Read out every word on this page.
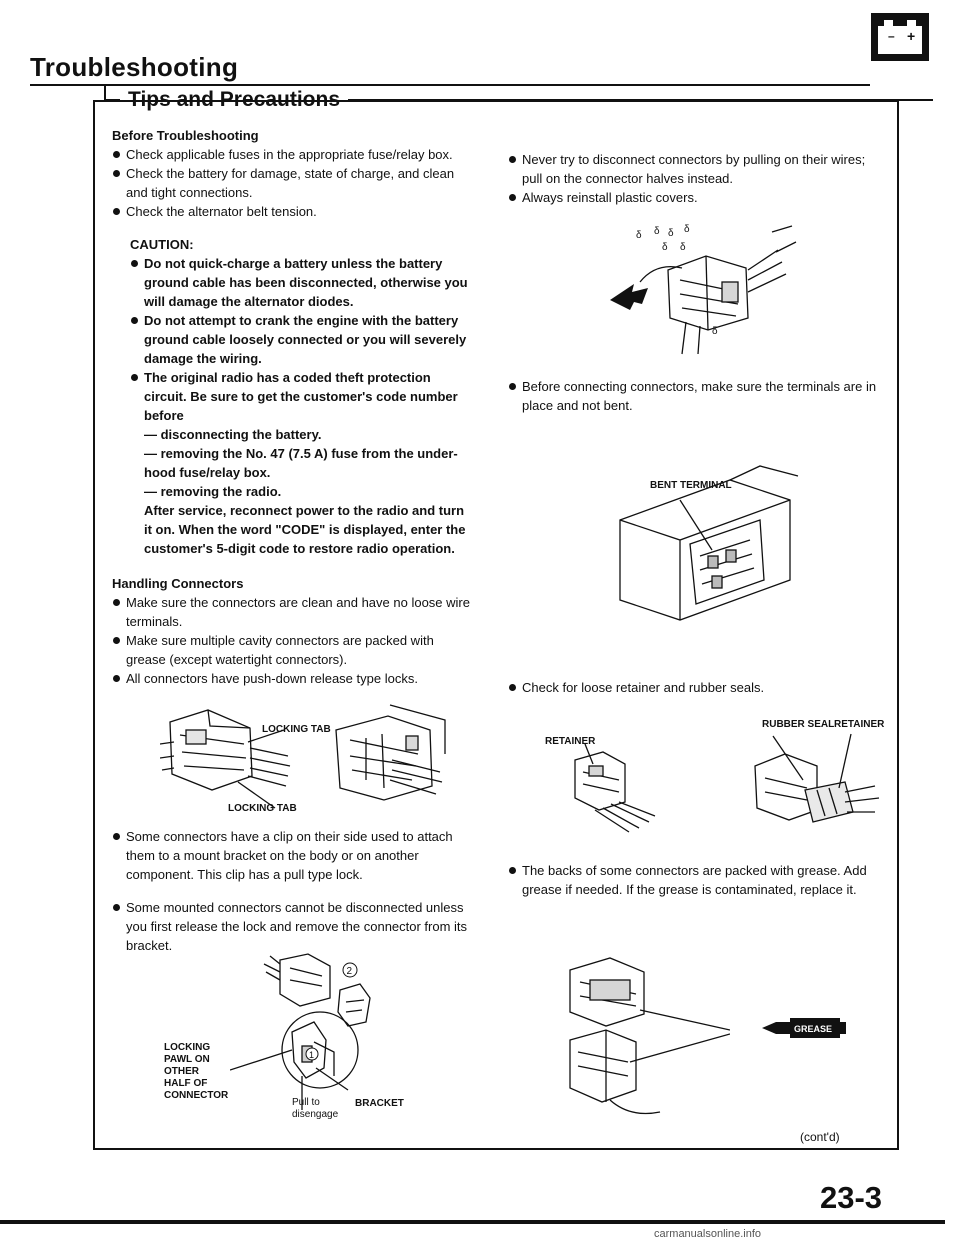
Troubleshooting
Tips and Precautions
– +

Before Troubleshooting

Check applicable fuses in the appropriate fuse/relay box.

Check the battery for damage, state of charge, and clean and tight connections.

Check the alternator belt tension.

CAUTION:

Do not quick-charge a battery unless the battery ground cable has been disconnected, otherwise you will damage the alternator diodes.

Do not attempt to crank the engine with the battery ground cable loosely connected or you will severely damage the wiring.

The original radio has a coded theft protection circuit. Be sure to get the customer's code number before

— disconnecting the battery.

— removing the No. 47 (7.5 A) fuse from the under-hood fuse/relay box.

— removing the radio.

After service, reconnect power to the radio and turn it on. When the word "CODE" is displayed, enter the customer's 5-digit code to restore radio operation.

Handling Connectors

Make sure the connectors are clean and have no loose wire terminals.

Make sure multiple cavity connectors are packed with grease (except watertight connectors).

All connectors have push-down release type locks.

LOCKING TAB
LOCKING TAB

Some connectors have a clip on their side used to attach them to a mount bracket on the body or on another component. This clip has a pull type lock.

Some mounted connectors cannot be disconnected unless you first release the lock and remove the connector from its bracket.

2
1
LOCKING PAWL ON OTHER HALF OF CONNECTOR
Pull to disengage
BRACKET

Never try to disconnect connectors by pulling on their wires; pull on the connector halves instead.

Always reinstall plastic covers.

δ δ δ δ
δ δ
δ

Before connecting connectors, make sure the terminals are in place and not bent.

BENT TERMINAL

Check for loose retainer and rubber seals.

RETAINER
RUBBER SEAL RETAINER

The backs of some connectors are packed with grease. Add grease if needed. If the grease is contaminated, replace it.

GREASE
(cont'd)
23-3
carmanualsonline.info
